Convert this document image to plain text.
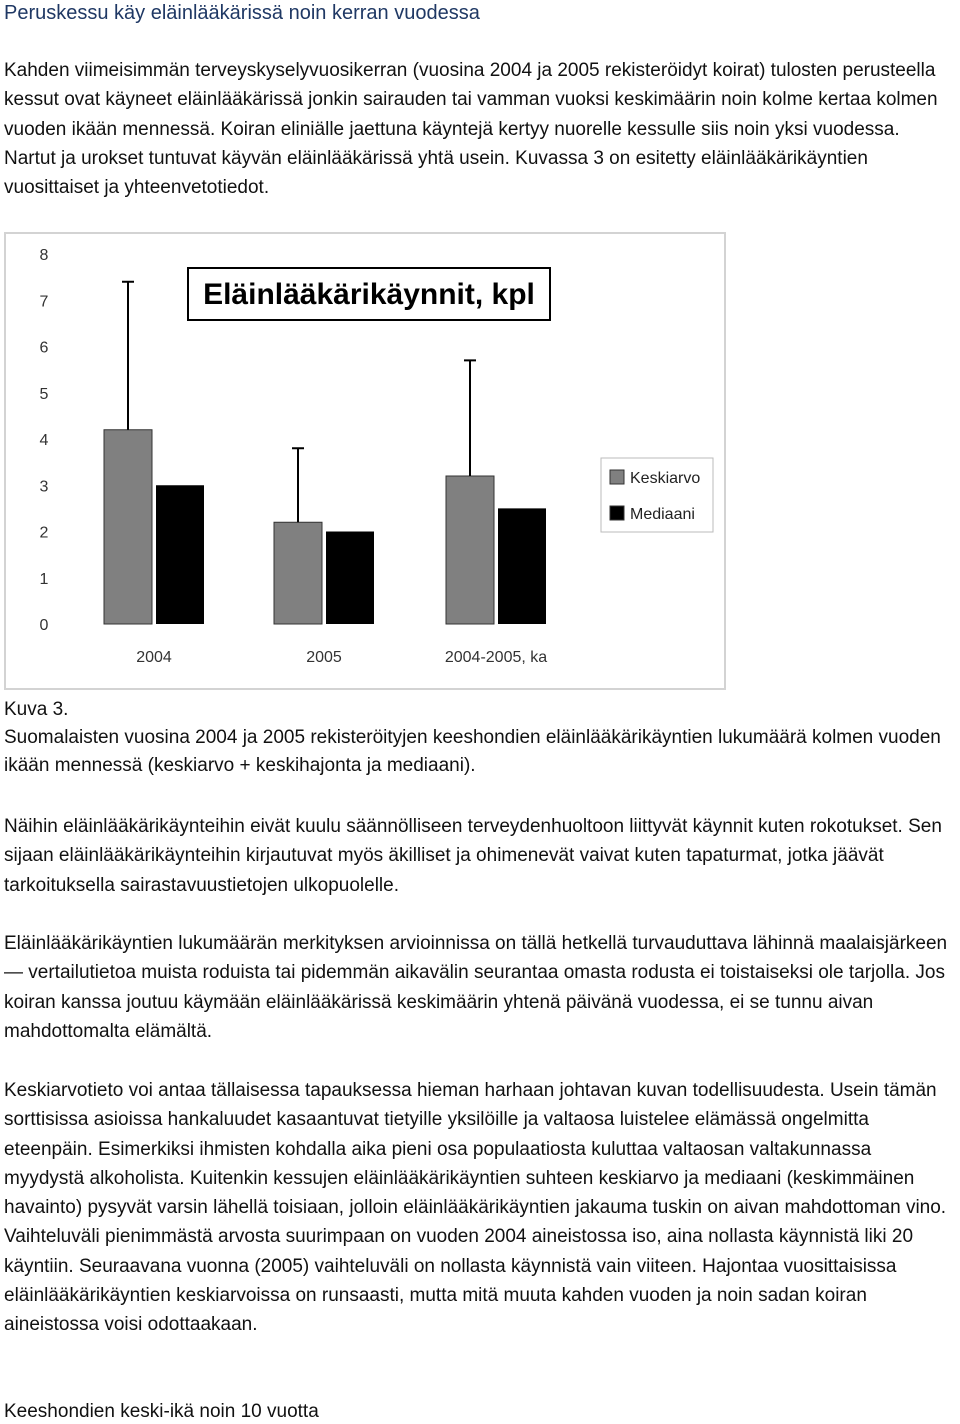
Peruskessu käy eläinlääkärissä noin kerran vuodessa

Kahden viimeisimmän terveyskyselyvuosikerran (vuosina 2004 ja 2005 rekisteröidyt koirat) tulosten perusteella kessut ovat käyneet eläinlääkärissä jonkin sairauden tai vamman vuoksi keskimäärin noin kolme kertaa kolmen vuoden ikään mennessä. Koiran eliniälle jaettuna käyntejä kertyy nuorelle kessulle siis noin yksi vuodessa. Nartut ja urokset tuntuvat käyvän eläinlääkärissä yhtä usein. Kuvassa 3 on esitetty eläinlääkärikäyntien vuosittaiset ja yhteenvetotiedot.

0
1
2
3
4
5
6
7
8
2004	2005	2004-2005, ka
Eläinlääkärikäynnit, kpl
Keskiarvo
Mediaani
Kuva 3.
Suomalaisten vuosina 2004 ja 2005 rekisteröityjen keeshondien eläinlääkärikäyntien lukumäärä kolmen vuoden ikään mennessä (keskiarvo + keskihajonta ja mediaani).

Näihin eläinlääkärikäynteihin eivät kuulu säännölliseen terveydenhuoltoon liittyvät käynnit kuten rokotukset. Sen sijaan eläinlääkärikäynteihin kirjautuvat myös äkilliset ja ohimenevät vaivat kuten tapaturmat, jotka jäävät tarkoituksella sairastavuustietojen ulkopuolelle.

Eläinlääkärikäyntien lukumäärän merkityksen arvioinnissa on tällä hetkellä turvauduttava lähinnä maalaisjärkeen — vertailutietoa muista roduista tai pidemmän aikavälin seurantaa omasta rodusta ei toistaiseksi ole tarjolla. Jos koiran kanssa joutuu käymään eläinlääkärissä keskimäärin yhtenä päivänä vuodessa, ei se tunnu aivan mahdottomalta elämältä.

Keskiarvotieto voi antaa tällaisessa tapauksessa hieman harhaan johtavan kuvan todellisuudesta. Usein tämän sorttisissa asioissa hankaluudet kasaantuvat tietyille yksilöille ja valtaosa luistelee elämässä ongelmitta eteenpäin. Esimerkiksi ihmisten kohdalla aika pieni osa populaatiosta kuluttaa valtaosan valtakunnassa myydystä alkoholista. Kuitenkin kessujen eläinlääkärikäyntien suhteen keskiarvo ja mediaani (keskimmäinen havainto) pysyvät varsin lähellä toisiaan, jolloin eläinlääkärikäyntien jakauma tuskin on aivan mahdottoman vino. Vaihteluväli pienimmästä arvosta suurimpaan on vuoden 2004 aineistossa iso, aina nollasta käynnistä liki 20 käyntiin. Seuraavana vuonna (2005) vaihteluväli on nollasta käynnistä vain viiteen. Hajontaa vuosittaisissa eläinlääkärikäyntien keskiarvoissa on runsaasti, mutta mitä muuta kahden vuoden ja noin sadan koiran aineistossa voisi odottaakaan.

Keeshondien keski-ikä noin 10 vuotta
